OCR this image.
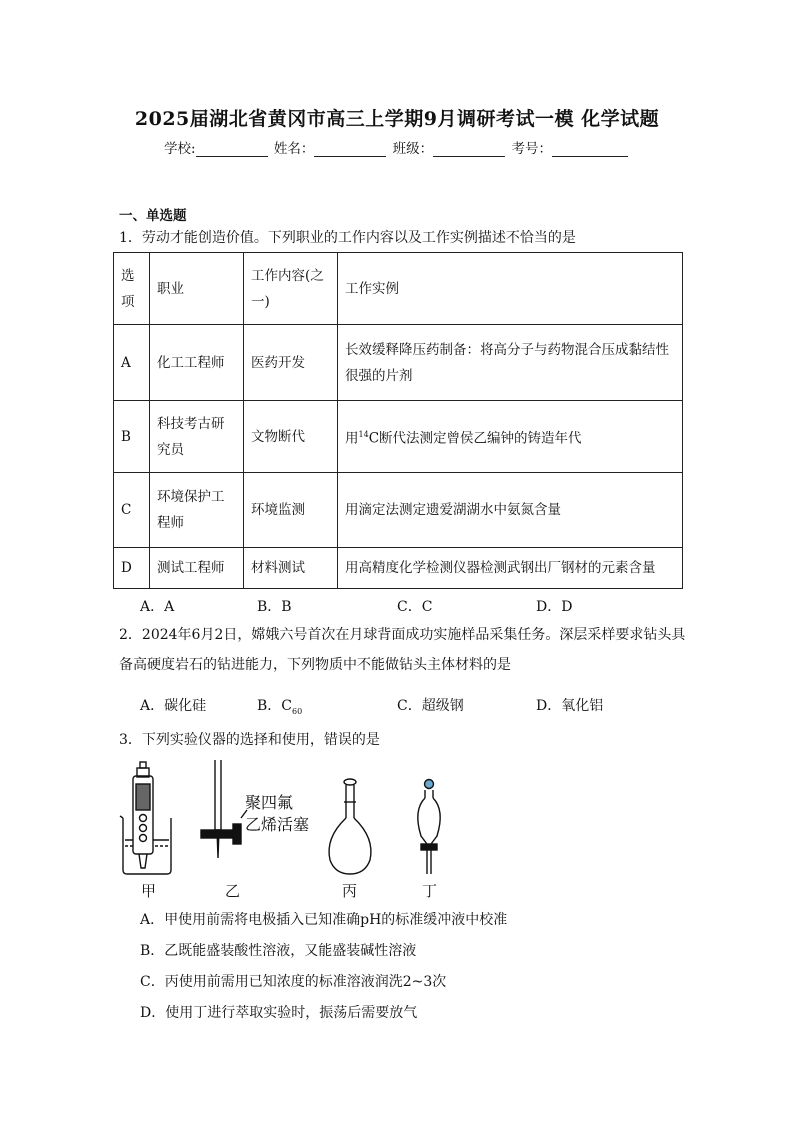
2025届湖北省黄冈市高三上学期9月调研考试一模 化学试题
学校:	姓名：	班级：	考号：
一、单选题
1．劳动才能创造价值。下列职业的工作内容以及工作实例描述不恰当的是
选项	职业	工作内容(之一)	工作实例
A	化工工程师	医药开发	长效缓释降压药制备：将高分子与药物混合压成黏结性很强的片剂
B	科技考古研究员	文物断代	用$^{14}$C断代法测定曾侯乙编钟的铸造年代
C	环境保护工程师	环境监测	用滴定法测定遗爱湖湖水中氨氮含量
D	测试工程师	材料测试	用高精度化学检测仪器检测武钢出厂钢材的元素含量
A．A	B．B	C．C	D．D
2．2024年6月2日，嫦娥六号首次在月球背面成功实施样品采集任务。深层采样要求钻头具备高硬度岩石的钻进能力，下列物质中不能做钻头主体材料的是
A．碳化硅	B．$C_{60}$	C．超级钢	D．氧化铝
3．下列实验仪器的选择和使用，错误的是
聚四氟
乙烯活塞
甲	乙	丙	丁
A．甲使用前需将电极插入已知准确pH的标准缓冲液中校准
B．乙既能盛装酸性溶液，又能盛装碱性溶液
C．丙使用前需用已知浓度的标准溶液润洗2~3次
D．使用丁进行萃取实验时，振荡后需要放气
